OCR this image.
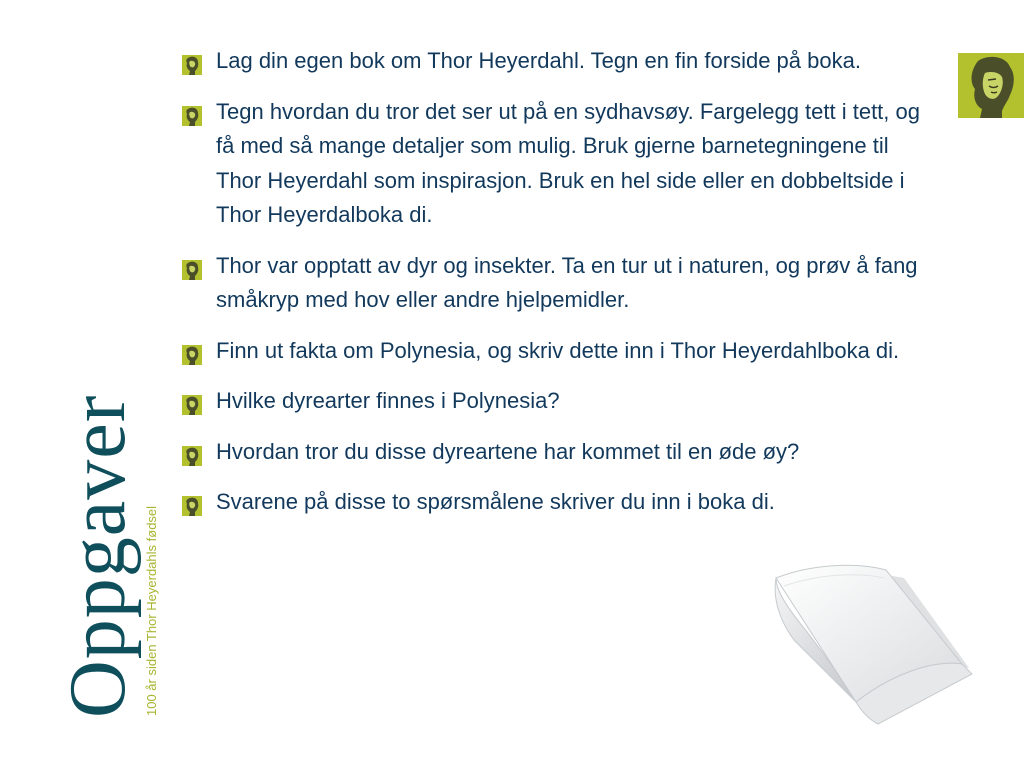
Oppgaver 100 år siden Thor Heyerdahls fødsel
Lag din egen bok om Thor Heyerdahl. Tegn en fin forside på boka.
Tegn hvordan du tror det ser ut på en sydhavsøy. Fargelegg tett i tett, og få med så mange detaljer som mulig. Bruk gjerne barnetegningene til Thor Heyerdahl som inspirasjon. Bruk en hel side eller en dobbeltside i Thor Heyerdalboka di.
Thor var opptatt av dyr og insekter. Ta en tur ut i naturen, og prøv å fang småkryp med hov eller andre hjelpemidler.
Finn ut fakta om Polynesia, og skriv dette inn i Thor Heyerdahlboka di.
Hvilke dyrearter finnes i Polynesia?
Hvordan tror du disse dyreartene har kommet til en øde øy?
Svarene på disse to spørsmålene skriver du inn i boka di.
